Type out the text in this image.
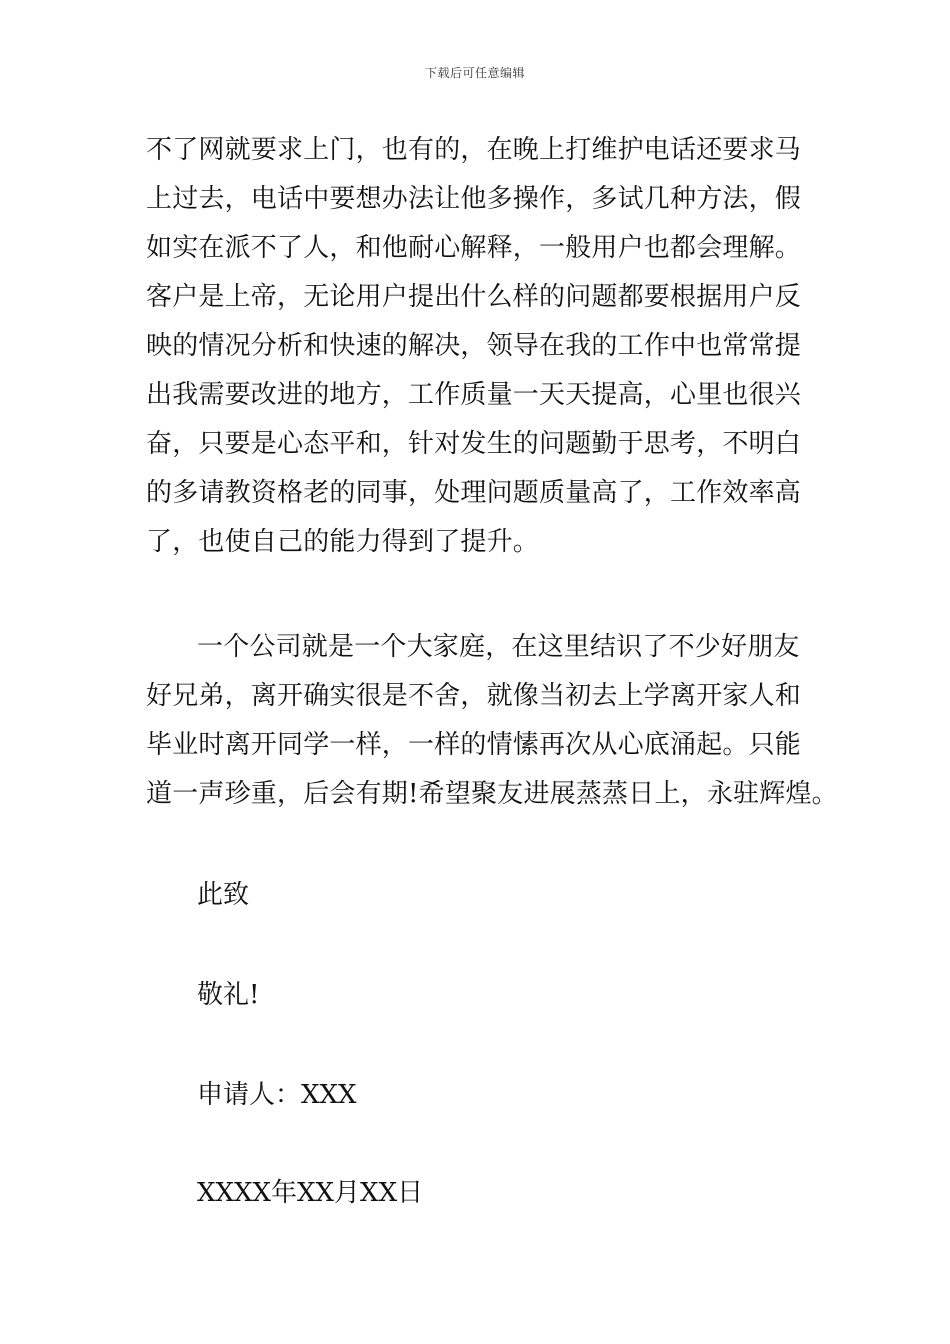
下载后可任意编辑
不了网就要求上门，也有的，在晚上打维护电话还要求马
上过去，电话中要想办法让他多操作，多试几种方法，假
如实在派不了人，和他耐心解释，一般用户也都会理解。
客户是上帝，无论用户提出什么样的问题都要根据用户反
映的情况分析和快速的解决，领导在我的工作中也常常提
出我需要改进的地方，工作质量一天天提高，心里也很兴
奋，只要是心态平和，针对发生的问题勤于思考，不明白
的多请教资格老的同事，处理问题质量高了，工作效率高
了，也使自己的能力得到了提升。
一个公司就是一个大家庭，在这里结识了不少好朋友
好兄弟，离开确实很是不舍，就像当初去上学离开家人和
毕业时离开同学一样，一样的情愫再次从心底涌起。只能
道一声珍重，后会有期!希望聚友进展蒸蒸日上，永驻辉煌。
此致
敬礼!
申请人：XXX
XXXX年XX月XX日
